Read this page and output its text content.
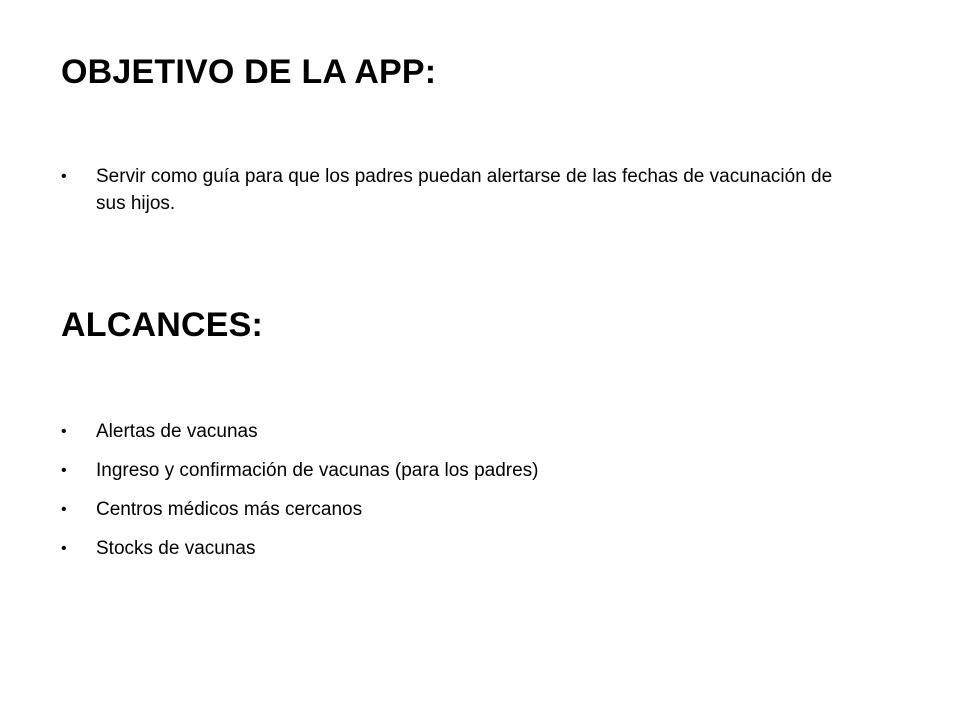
OBJETIVO DE LA APP:
•	Servir como guía para que los padres puedan alertarse de las fechas de vacunación de sus hijos.
ALCANCES:
•	Alertas de vacunas
•	Ingreso y confirmación de vacunas (para los padres)
•	Centros médicos más cercanos
•	Stocks de vacunas
